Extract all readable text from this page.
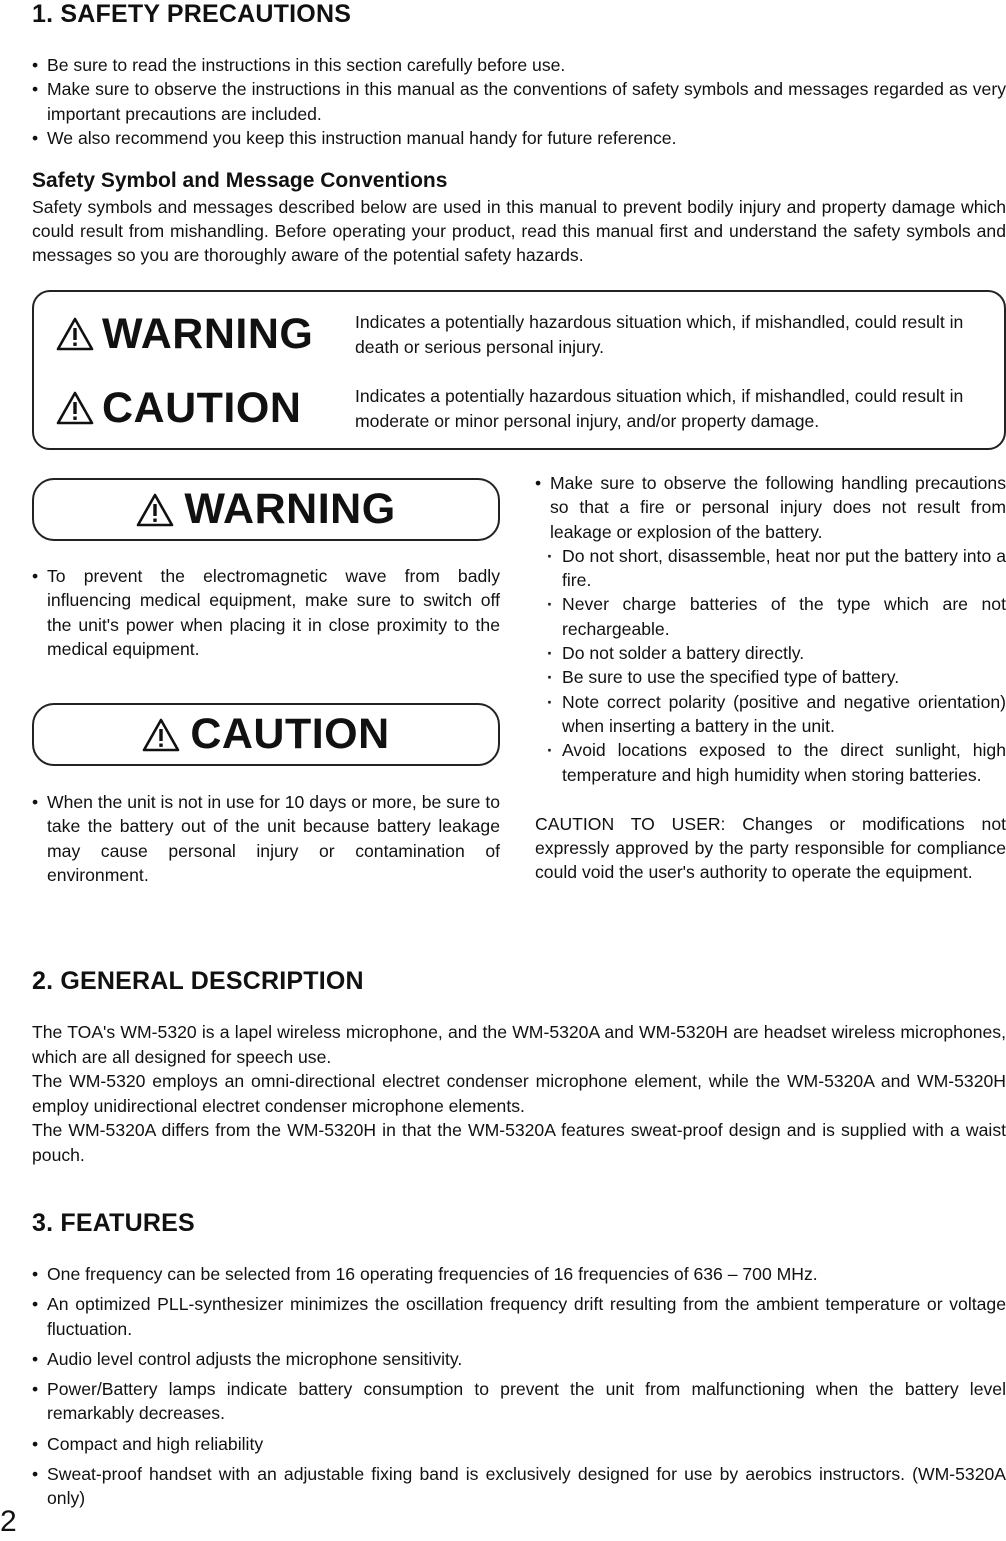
1. SAFETY PRECAUTIONS
• Be sure to read the instructions in this section carefully before use.
• Make sure to observe the instructions in this manual as the conventions of safety symbols and messages regarded as very important precautions are included.
• We also recommend you keep this instruction manual handy for future reference.
Safety Symbol and Message Conventions
Safety symbols and messages described below are used in this manual to prevent bodily injury and property damage which could result from mishandling. Before operating your product, read this manual first and understand the safety symbols and messages so you are thoroughly aware of the potential safety hazards.
WARNING Indicates a potentially hazardous situation which, if mishandled, could result in death or serious personal injury.
CAUTION	Indicates a potentially hazardous situation which, if mishandled, could result in moderate or minor personal injury, and/or property damage.
WARNING
• To prevent the electromagnetic wave from badly influencing medical equipment, make sure to switch off the unit's power when placing it in close proximity to the medical equipment.
CAUTION
• When the unit is not in use for 10 days or more, be sure to take the battery out of the unit because battery leakage may cause personal injury or contamination of environment.
• Make sure to observe the following handling precautions so that a fire or personal injury does not result from leakage or explosion of the battery.
· Do not short, disassemble, heat nor put the battery into a fire.
· Never charge batteries of the type which are not rechargeable.
· Do not solder a battery directly.
· Be sure to use the specified type of battery.
· Note correct polarity (positive and negative orientation) when inserting a battery in the unit.
· Avoid locations exposed to the direct sunlight, high temperature and high humidity when storing batteries.
CAUTION TO USER: Changes or modifications not expressly approved by the party responsible for compliance could void the user's authority to operate the equipment.
2. GENERAL DESCRIPTION
The TOA's WM-5320 is a lapel wireless microphone, and the WM-5320A and WM-5320H are headset wireless microphones, which are all designed for speech use.
The WM-5320 employs an omni-directional electret condenser microphone element, while the WM-5320A and WM-5320H employ unidirectional electret condenser microphone elements.
The WM-5320A differs from the WM-5320H in that the WM-5320A features sweat-proof design and is supplied with a waist pouch.
3. FEATURES
• One frequency can be selected from 16 operating frequencies of 16 frequencies of 636 – 700 MHz.
• An optimized PLL-synthesizer minimizes the oscillation frequency drift resulting from the ambient temperature or voltage fluctuation.
• Audio level control adjusts the microphone sensitivity.
• Power/Battery lamps indicate battery consumption to prevent the unit from malfunctioning when the battery level remarkably decreases.
• Compact and high reliability
• Sweat-proof handset with an adjustable fixing band is exclusively designed for use by aerobics instructors. (WM-5320A only)
2
